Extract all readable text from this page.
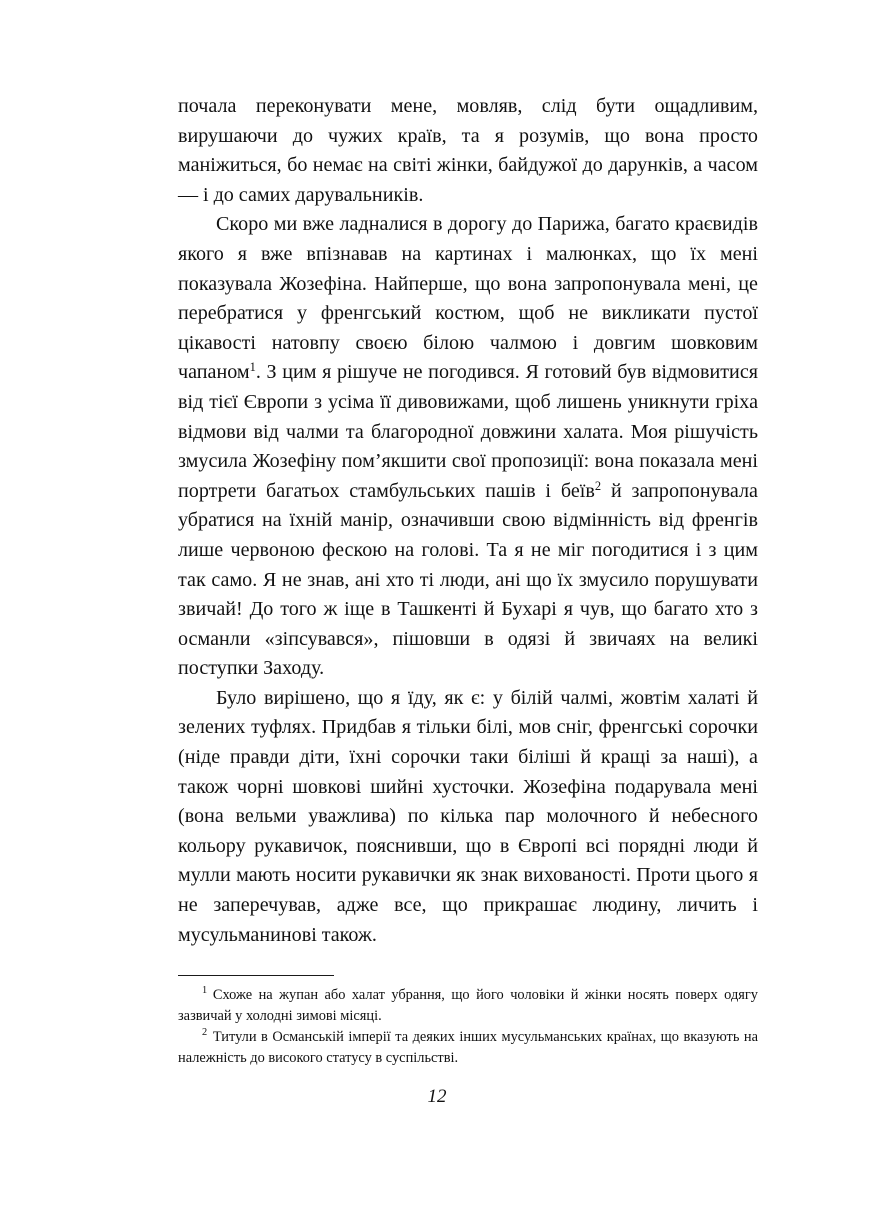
почала переконувати мене, мовляв, слід бути ощадливим, вирушаючи до чужих країв, та я розумів, що вона просто маніжиться, бо немає на світі жінки, байдужої до дарунків, а часом — і до самих дарувальників.

Скоро ми вже ладналися в дорогу до Парижа, багато краєвидів якого я вже впізнавав на картинах і малюнках, що їх мені показувала Жозефіна. Найперше, що вона запропонувала мені, це перебратися у френгський костюм, щоб не викликати пустої цікавості натовпу своєю білою чалмою і довгим шовковим чапаном$^1$. З цим я рішуче не погодився. Я готовий був відмовитися від тієї Європи з усіма її дивовижами, щоб лишень уникнути гріха відмови від чалми та благородної довжини халата. Моя рішучість змусила Жозефіну пом’якшити свої пропозиції: вона показала мені портрети багатьох стамбульських пашів і беїв$^2$ й запропонувала убратися на їхній манір, означивши свою відмінність від френгів лише червоною фескою на голові. Та я не міг погодитися і з цим так само. Я не знав, ані хто ті люди, ані що їх змусило порушувати звичай! До того ж іще в Ташкенті й Бухарі я чув, що багато хто з османли «зіпсувався», пішовши в одязі й звичаях на великі поступки Заходу.

Було вирішено, що я їду, як є: у білій чалмі, жовтім халаті й зелених туфлях. Придбав я тільки білі, мов сніг, френгські сорочки (ніде правди діти, їхні сорочки таки біліші й кращі за наші), а також чорні шовкові шийні хусточки. Жозефіна подарувала мені (вона вельми уважлива) по кілька пар молочного й небесного кольору рукавичок, пояснивши, що в Європі всі порядні люди й мулли мають носити рукавички як знак вихованості. Проти цього я не заперечував, адже все, що прикрашає людину, личить і мусульманинові також.

$^1$ Схоже на жупан або халат убрання, що його чоловіки й жінки носять поверх одягу зазвичай у холодні зимові місяці.

$^2$ Титули в Османській імперії та деяких інших мусульманських країнах, що вказують на належність до високого статусу в суспільстві.

12
